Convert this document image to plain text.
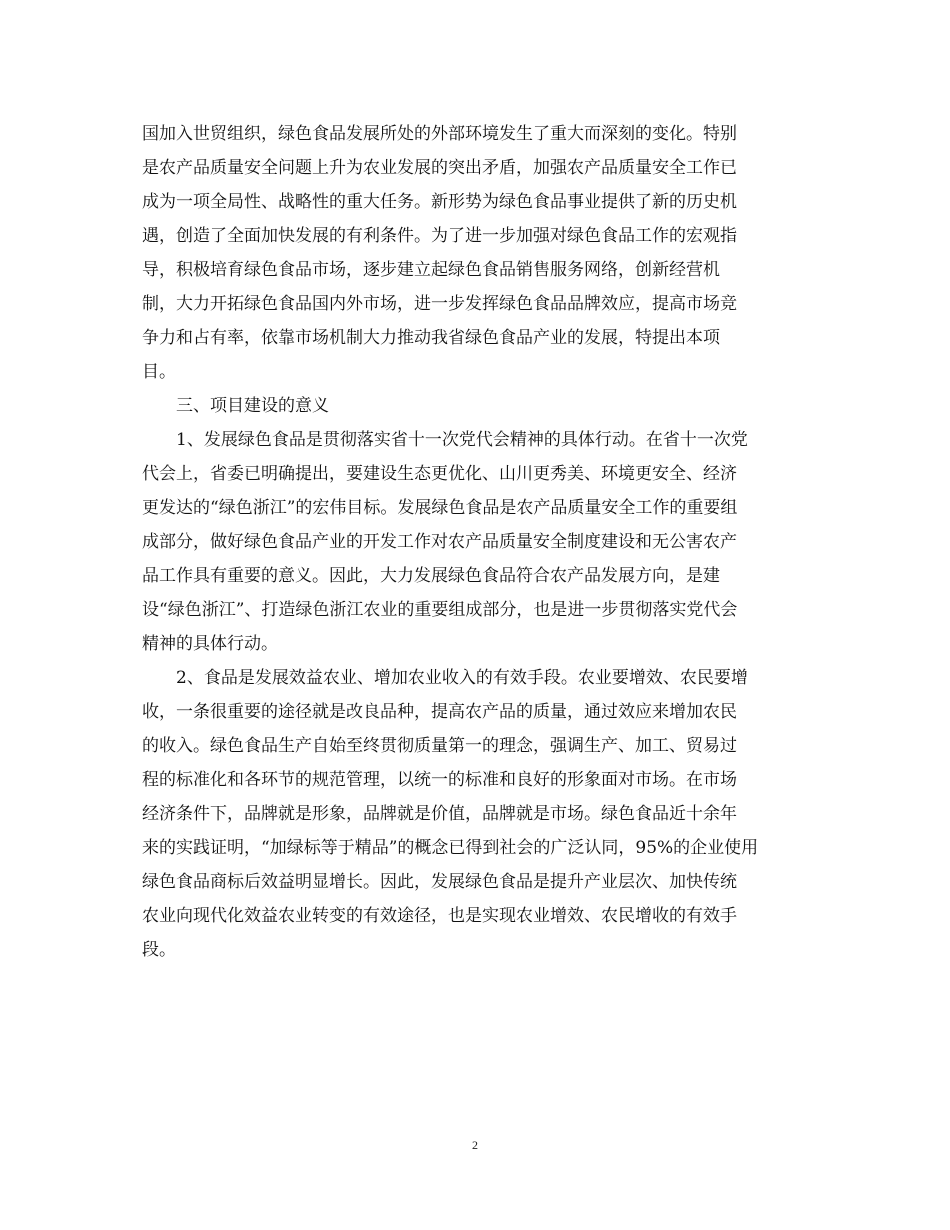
国加入世贸组织，绿色食品发展所处的外部环境发生了重大而深刻的变化。特别
是农产品质量安全问题上升为农业发展的突出矛盾，加强农产品质量安全工作已
成为一项全局性、战略性的重大任务。新形势为绿色食品事业提供了新的历史机
遇，创造了全面加快发展的有利条件。为了进一步加强对绿色食品工作的宏观指
导，积极培育绿色食品市场，逐步建立起绿色食品销售服务网络，创新经营机
制，大力开拓绿色食品国内外市场，进一步发挥绿色食品品牌效应，提高市场竞
争力和占有率，依靠市场机制大力推动我省绿色食品产业的发展，特提出本项
目。
三、项目建设的意义
1、发展绿色食品是贯彻落实省十一次党代会精神的具体行动。在省十一次党
代会上，省委已明确提出，要建设生态更优化、山川更秀美、环境更安全、经济
更发达的“绿色浙江”的宏伟目标。发展绿色食品是农产品质量安全工作的重要组
成部分，做好绿色食品产业的开发工作对农产品质量安全制度建设和无公害农产
品工作具有重要的意义。因此，大力发展绿色食品符合农产品发展方向，是建
设“绿色浙江”、打造绿色浙江农业的重要组成部分，也是进一步贯彻落实党代会
精神的具体行动。
2、食品是发展效益农业、增加农业收入的有效手段。农业要增效、农民要增
收，一条很重要的途径就是改良品种，提高农产品的质量，通过效应来增加农民
的收入。绿色食品生产自始至终贯彻质量第一的理念，强调生产、加工、贸易过
程的标准化和各环节的规范管理，以统一的标准和良好的形象面对市场。在市场
经济条件下，品牌就是形象，品牌就是价值，品牌就是市场。绿色食品近十余年
来的实践证明，“加绿标等于精品”的概念已得到社会的广泛认同，95%的企业使用
绿色食品商标后效益明显增长。因此，发展绿色食品是提升产业层次、加快传统
农业向现代化效益农业转变的有效途径，也是实现农业增效、农民增收的有效手
段。
2
